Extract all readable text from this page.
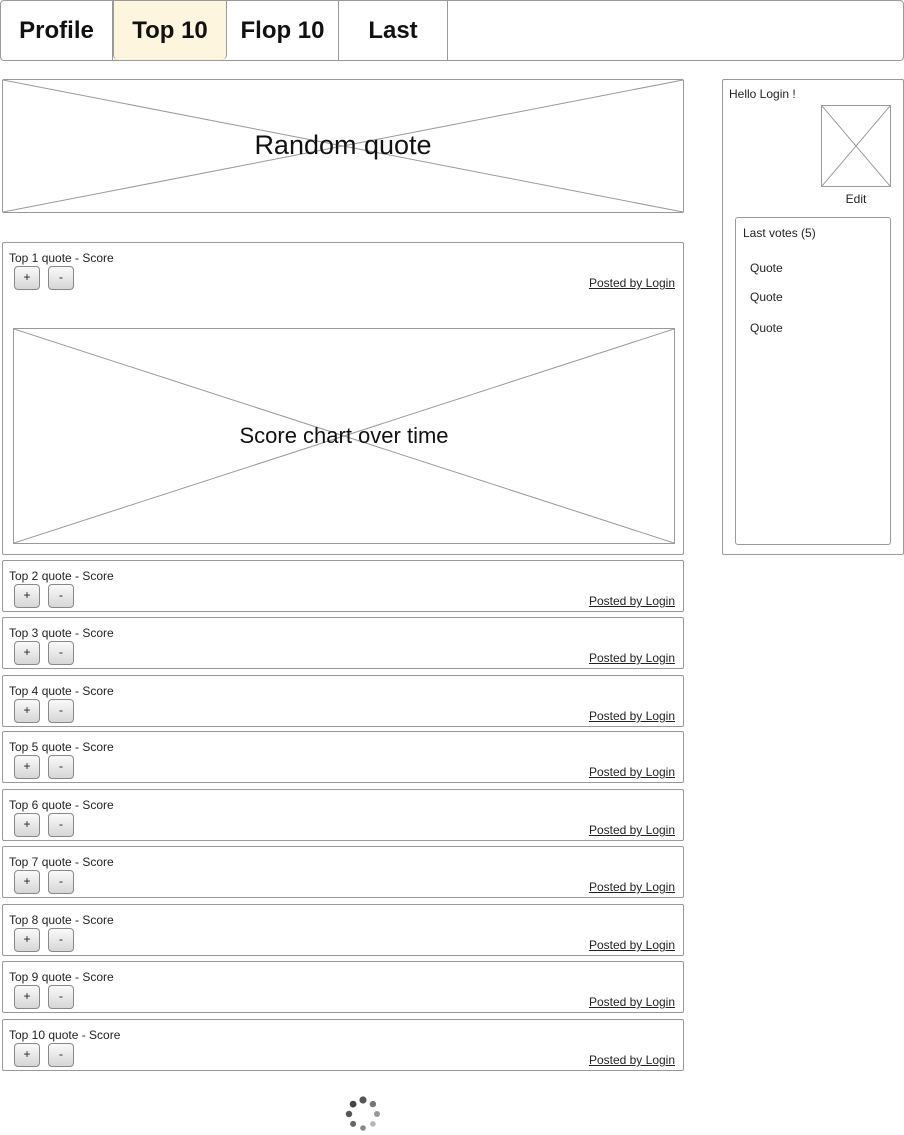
Profile	Top 10	Flop 10	Last
Random quote
Hello Login !
Edit
Last votes (5)
Quote
Quote
Quote
Top 1 quote - Score
+	-	Posted by Login
Score chart over time
Top 2 quote - Score
+	-	Posted by Login
Top 3 quote - Score
+	-	Posted by Login
Top 4 quote - Score
+	-	Posted by Login
Top 5 quote - Score
+	-	Posted by Login
Top 6 quote - Score
+	-	Posted by Login
Top 7 quote - Score
+	-	Posted by Login
Top 8 quote - Score
+	-	Posted by Login
Top 9 quote - Score
+	-	Posted by Login
Top 10 quote - Score
+	-	Posted by Login
